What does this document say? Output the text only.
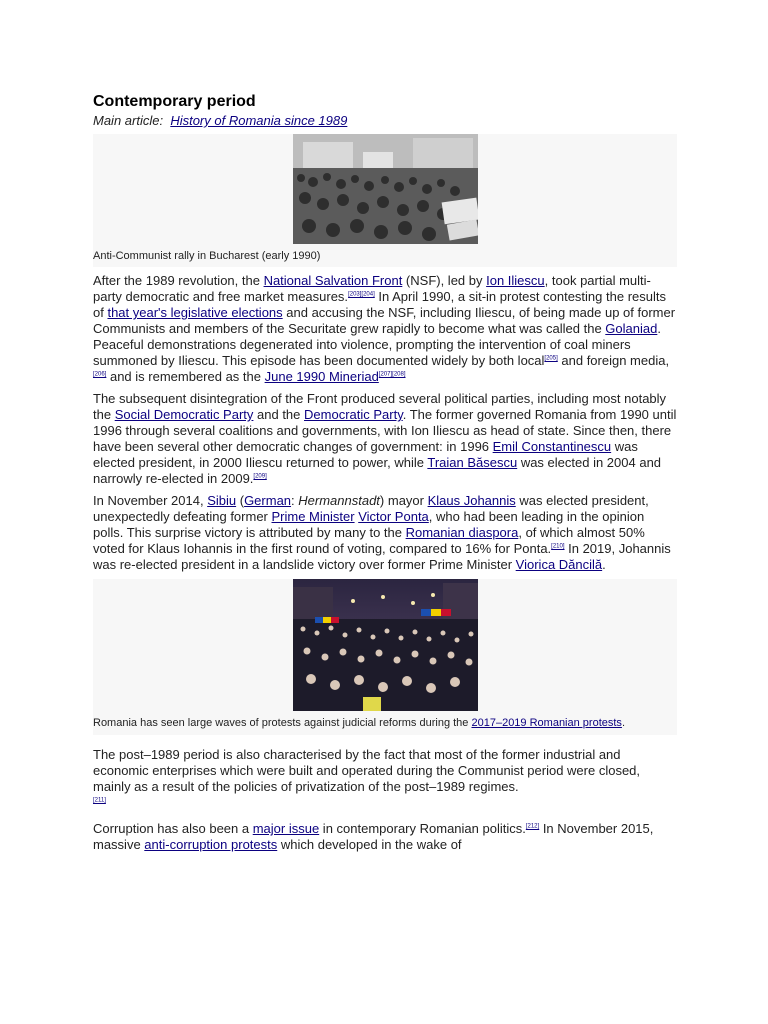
Contemporary period
Main article: History of Romania since 1989
Anti-Communist rally in Bucharest (early 1990)

After the 1989 revolution, the National Salvation Front (NSF), led by Ion Iliescu, took partial multi-party democratic and free market measures.[203][204] In April 1990, a sit-in protest contesting the results of that year's legislative elections and accusing the NSF, including Iliescu, of being made up of former Communists and members of the Securitate grew rapidly to become what was called the Golaniad. Peaceful demonstrations degenerated into violence, prompting the intervention of coal miners summoned by Iliescu. This episode has been documented widely by both local[205] and foreign media,[206] and is remembered as the June 1990 Mineriad[207][208]

The subsequent disintegration of the Front produced several political parties, including most notably the Social Democratic Party and the Democratic Party. The former governed Romania from 1990 until 1996 through several coalitions and governments, with Ion Iliescu as head of state. Since then, there have been several other democratic changes of government: in 1996 Emil Constantinescu was elected president, in 2000 Iliescu returned to power, while Traian Băsescu was elected in 2004 and narrowly re-elected in 2009.[209]

In November 2014, Sibiu (German: Hermannstadt) mayor Klaus Johannis was elected president, unexpectedly defeating former Prime Minister Victor Ponta, who had been leading in the opinion polls. This surprise victory is attributed by many to the Romanian diaspora, of which almost 50% voted for Klaus Iohannis in the first round of voting, compared to 16% for Ponta.[210] In 2019, Johannis was re-elected president in a landslide victory over former Prime Minister Viorica Dăncilă.

Romania has seen large waves of protests against judicial reforms during the 2017–2019 Romanian protests.

The post–1989 period is also characterised by the fact that most of the former industrial and economic enterprises which were built and operated during the Communist period were closed, mainly as a result of the policies of privatization of the post–1989 regimes.
[211]

Corruption has also been a major issue in contemporary Romanian politics.[212] In November 2015, massive anti-corruption protests which developed in the wake of
